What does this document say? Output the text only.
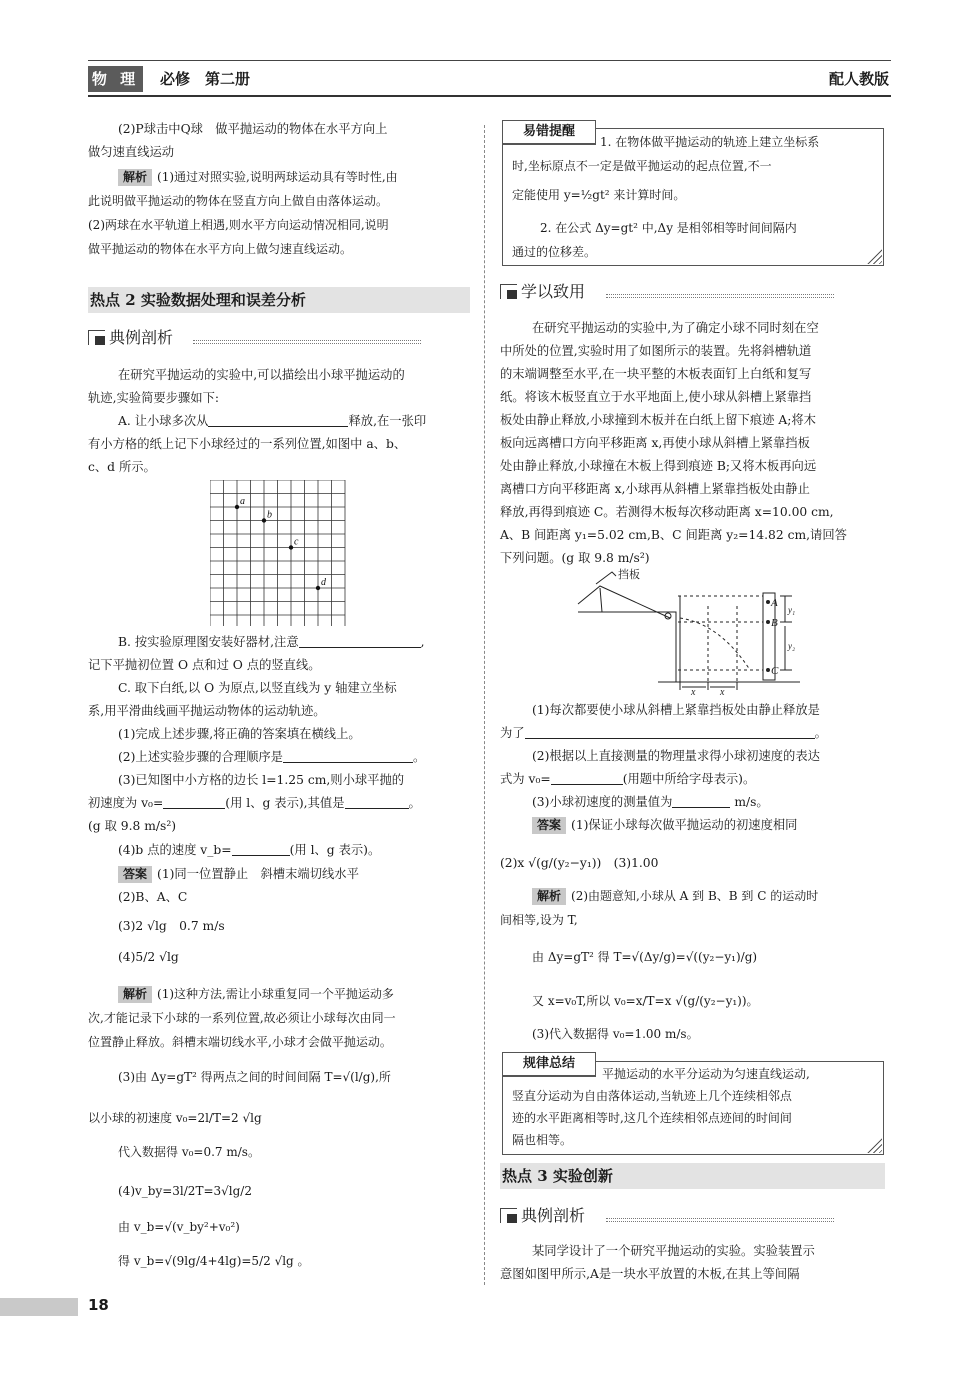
物 理 必修　第二册	配人教版
(2)P球击中Q球　做平抛运动的物体在水平方向上
做匀速直线运动
解析 (1)通过对照实验,说明两球运动具有等时性,由
此说明做平抛运动的物体在竖直方向上做自由落体运动。
(2)两球在水平轨道上相遇,则水平方向运动情况相同,说明
做平抛运动的物体在水平方向上做匀速直线运动。
热点 2 实验数据处理和误差分析
典例剖析
在研究平抛运动的实验中,可以描绘出小球平抛运动的
轨迹,实验简要步骤如下:
A. 让小球多次从	释放,在一张印
有小方格的纸上记下小球经过的一系列位置,如图中 a、b、
c、d 所示。
a
b
c
d
B. 按实验原理图安装好器材,注意	,
记下平抛初位置 O 点和过 O 点的竖直线。
C. 取下白纸,以 O 为原点,以竖直线为 y 轴建立坐标
系,用平滑曲线画平抛运动物体的运动轨迹。
(1)完成上述步骤,将正确的答案填在横线上。
(2)上述实验步骤的合理顺序是	。
(3)已知图中小方格的边长 l=1.25 cm,则小球平抛的
初速度为 v₀=	(用 l、g 表示),其值是	。
(g 取 9.8 m/s²)
(4)b 点的速度 v_b=	(用 l、g 表示)。
答案 (1)同一位置静止　斜槽末端切线水平
(2)B、A、C
(3)2 √lg　0.7 m/s
(4)5/2 √lg
解析 (1)这种方法,需让小球重复同一个平抛运动多
次,才能记录下小球的一系列位置,故必须让小球每次由同一
位置静止释放。斜槽末端切线水平,小球才会做平抛运动。
(3)由 Δy=gT² 得两点之间的时间间隔 T=√(l/g),所
以小球的初速度 v₀=2l/T=2 √lg
代入数据得 v₀=0.7 m/s。
(4)v_by=3l/2T=3√lg/2
由 v_b=√(v_by²+v₀²)
得 v_b=√(9lg/4+4lg)=5/2 √lg 。
易错提醒
1. 在物体做平抛运动的轨迹上建立坐标系
时,坐标原点不一定是做平抛运动的起点位置,不一
定能使用 y=½gt² 来计算时间。
2. 在公式 Δy=gt² 中,Δy 是相邻相等时间间隔内
通过的位移差。
学以致用
在研究平抛运动的实验中,为了确定小球不同时刻在空
中所处的位置,实验时用了如图所示的装置。先将斜槽轨道
的末端调整至水平,在一块平整的木板表面钉上白纸和复写
纸。将该木板竖直立于水平地面上,使小球从斜槽上紧靠挡
板处由静止释放,小球撞到木板并在白纸上留下痕迹 A;将木
板向远离槽口方向平移距离 x,再使小球从斜槽上紧靠挡板
处由静止释放,小球撞在木板上得到痕迹 B;又将木板再向远
离槽口方向平移距离 x,小球再从斜槽上紧靠挡板处由静止
释放,再得到痕迹 C。若测得木板每次移动距离 x=10.00 cm,
A、B 间距离 y₁=5.02 cm,B、C 间距离 y₂=14.82 cm,请回答
下列问题。(g 取 9.8 m/s²)
挡板
A
B
C
y₁
y₂
x x
(1)每次都要使小球从斜槽上紧靠挡板处由静止释放是
为了	。
(2)根据以上直接测量的物理量求得小球初速度的表达
式为 v₀=	(用题中所给字母表示)。
(3)小球初速度的测量值为	m/s。
答案 (1)保证小球每次做平抛运动的初速度相同
(2)x √(g/(y₂−y₁))　(3)1.00
解析 (2)由题意知,小球从 A 到 B、B 到 C 的运动时
间相等,设为 T,
由 Δy=gT² 得 T=√(Δy/g)=√((y₂−y₁)/g)
又 x=v₀T,所以 v₀=x/T=x √(g/(y₂−y₁))。
(3)代入数据得 v₀=1.00 m/s。
规律总结
平抛运动的水平分运动为匀速直线运动,
竖直分运动为自由落体运动,当轨迹上几个连续相邻点
迹的水平距离相等时,这几个连续相邻点迹间的时间间
隔也相等。
热点 3 实验创新
典例剖析
某同学设计了一个研究平抛运动的实验。实验装置示
意图如图甲所示,A是一块水平放置的木板,在其上等间隔
18
